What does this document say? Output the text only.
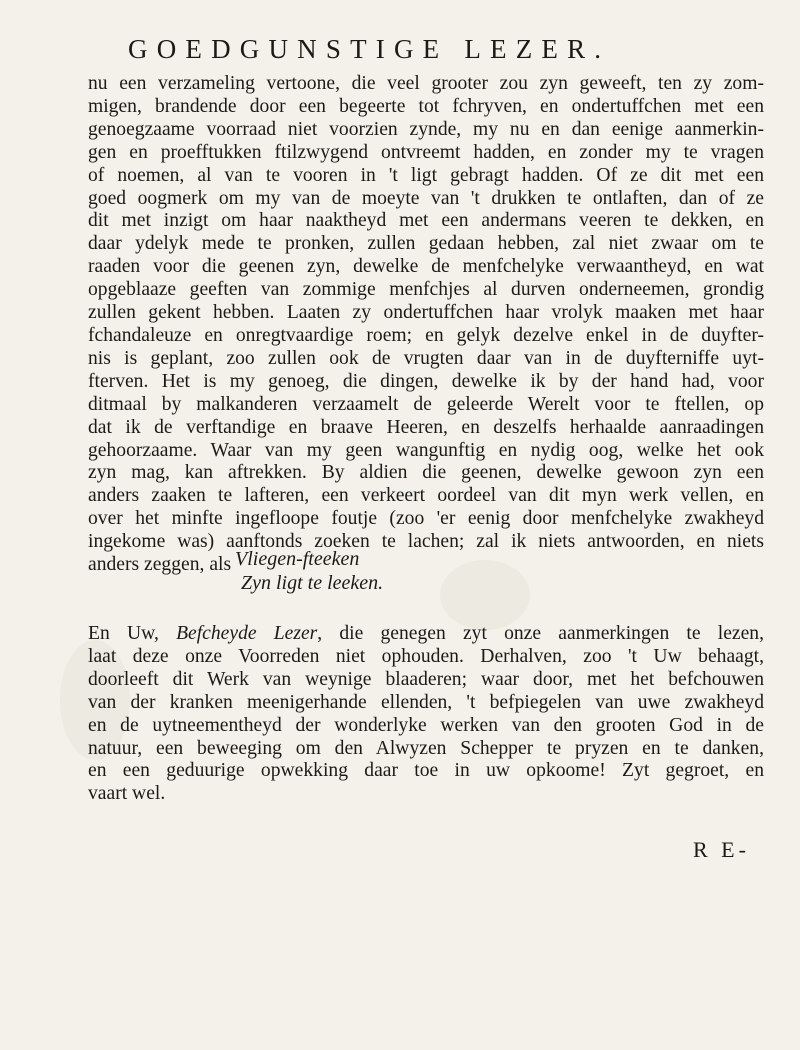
GOEDGUNSTIGE LEZER.
nu een verzameling vertoone, die veel grooter zou zyn geweeft, ten zy zom-
migen, brandende door een begeerte tot fchryven, en ondertuffchen met een
genoegzaame voorraad niet voorzien zynde, my nu en dan eenige aanmerkin-
gen en proefftukken ftilzwygend ontvreemt hadden, en zonder my te vragen
of noemen, al van te vooren in 't ligt gebragt hadden. Of ze dit met een
goed oogmerk om my van de moeyte van 't drukken te ontlaften, dan of ze
dit met inzigt om haar naaktheyd met een andermans veeren te dekken, en
daar ydelyk mede te pronken, zullen gedaan hebben, zal niet zwaar om te
raaden voor die geenen zyn, dewelke de menfchelyke verwaantheyd, en wat
opgeblaaze geeften van zommige menfchjes al durven onderneemen, grondig
zullen gekent hebben. Laaten zy ondertuffchen haar vrolyk maaken met haar
fchandaleuze en onregtvaardige roem; en gelyk dezelve enkel in de duyfter-
nis is geplant, zoo zullen ook de vrugten daar van in de duyfterniffe uyt-
fterven. Het is my genoeg, die dingen, dewelke ik by der hand had, voor
ditmaal by malkanderen verzaamelt de geleerde Werelt voor te ftellen, op
dat ik de verftandige en braave Heeren, en deszelfs herhaalde aanraadingen
gehoorzaame. Waar van my geen wangunftig en nydig oog, welke het ook
zyn mag, kan aftrekken. By aldien die geenen, dewelke gewoon zyn een
anders zaaken te lafteren, een verkeert oordeel van dit myn werk vellen, en
over het minfte ingefloope foutje (zoo 'er eenig door menfchelyke zwakheyd
ingekome was) aanftonds zoeken te lachen; zal ik niets antwoorden, en niets
anders zeggen, als Vliegen-fteeken
Zyn ligt te leeken.
En Uw, Befcheyde Lezer, die genegen zyt onze aanmerkingen te lezen,
laat deze onze Voorreden niet ophouden. Derhalven, zoo 't Uw behaagt,
doorleeft dit Werk van weynige blaaderen; waar door, met het befchouwen
van der kranken meenigerhande ellenden, 't befpiegelen van uwe zwakheyd
en de uytneementheyd der wonderlyke werken van den grooten God in de
natuur, een beweeging om den Alwyzen Schepper te pryzen en te danken,
en een geduurige opwekking daar toe in uw opkoome! Zyt gegroet, en
vaart wel.
R E-
